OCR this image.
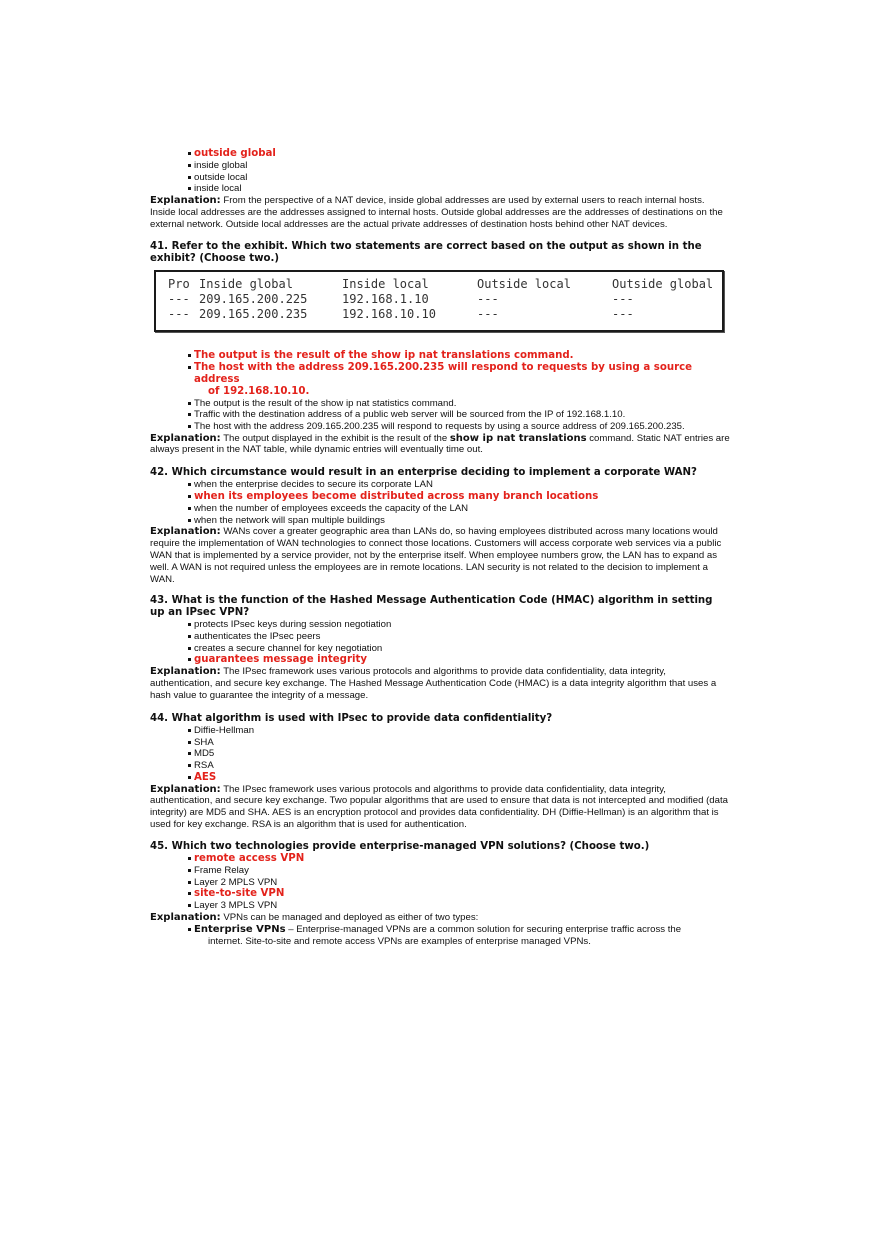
outside global
inside global
outside local
inside local

Explanation: From the perspective of a NAT device, inside global addresses are used by external users to reach internal hosts. Inside local addresses are the addresses assigned to internal hosts. Outside global addresses are the addresses of destinations on the external network. Outside local addresses are the actual private addresses of destination hosts behind other NAT devices.

41. Refer to the exhibit. Which two statements are correct based on the output as shown in the exhibit? (Choose two.)

Pro	Inside global	Inside local	Outside local	Outside global
---	209.165.200.225	192.168.1.10	---	---
---	209.165.200.235	192.168.10.10	---	---
The output is the result of the show ip nat translations command.
The host with the address 209.165.200.235 will respond to requests by using a source address
of 192.168.10.10.
The output is the result of the show ip nat statistics command.
Traffic with the destination address of a public web server will be sourced from the IP of 192.168.1.10.
The host with the address 209.165.200.235 will respond to requests by using a source address of 209.165.200.235.

Explanation: The output displayed in the exhibit is the result of the show ip nat translations command. Static NAT entries are always present in the NAT table, while dynamic entries will eventually time out.

42. Which circumstance would result in an enterprise deciding to implement a corporate WAN?

when the enterprise decides to secure its corporate LAN
when its employees become distributed across many branch locations
when the number of employees exceeds the capacity of the LAN
when the network will span multiple buildings

Explanation: WANs cover a greater geographic area than LANs do, so having employees distributed across many locations would require the implementation of WAN technologies to connect those locations. Customers will access corporate web services via a public WAN that is implemented by a service provider, not by the enterprise itself. When employee numbers grow, the LAN has to expand as well. A WAN is not required unless the employees are in remote locations. LAN security is not related to the decision to implement a WAN.

43. What is the function of the Hashed Message Authentication Code (HMAC) algorithm in setting up an IPsec VPN?

protects IPsec keys during session negotiation
authenticates the IPsec peers
creates a secure channel for key negotiation
guarantees message integrity

Explanation: The IPsec framework uses various protocols and algorithms to provide data confidentiality, data integrity, authentication, and secure key exchange. The Hashed Message Authentication Code (HMAC) is a data integrity algorithm that uses a hash value to guarantee the integrity of a message.

44. What algorithm is used with IPsec to provide data confidentiality?

Diffie-Hellman
SHA
MD5
RSA
AES

Explanation: The IPsec framework uses various protocols and algorithms to provide data confidentiality, data integrity, authentication, and secure key exchange. Two popular algorithms that are used to ensure that data is not intercepted and modified (data integrity) are MD5 and SHA. AES is an encryption protocol and provides data confidentiality. DH (Diffie-Hellman) is an algorithm that is used for key exchange. RSA is an algorithm that is used for authentication.

45. Which two technologies provide enterprise-managed VPN solutions? (Choose two.)

remote access VPN
Frame Relay
Layer 2 MPLS VPN
site-to-site VPN
Layer 3 MPLS VPN

Explanation: VPNs can be managed and deployed as either of two types:

Enterprise VPNs – Enterprise-managed VPNs are a common solution for securing enterprise traffic across the
internet. Site-to-site and remote access VPNs are examples of enterprise managed VPNs.
